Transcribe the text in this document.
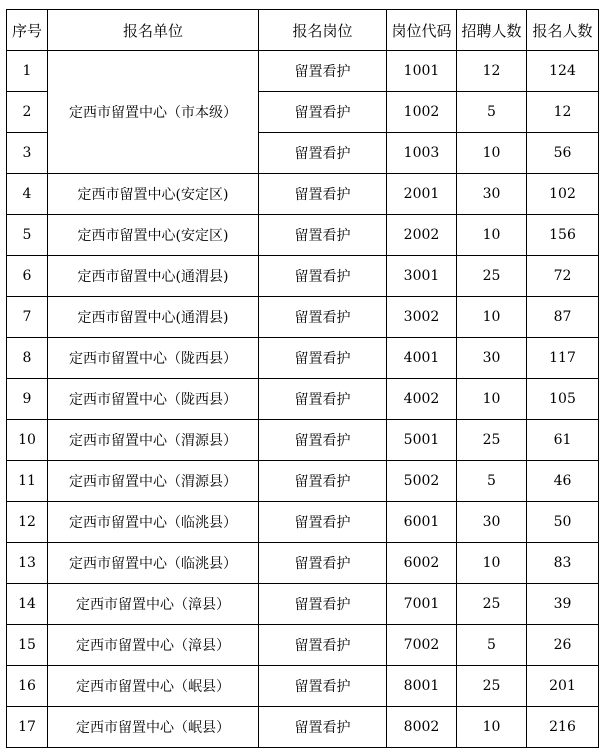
序号	报名单位	报名岗位	岗位代码	招聘人数	报名人数
1	定西市留置中心（市本级）	留置看护	1001	12	124
2		留置看护	1002	5	12
3		留置看护	1003	10	56
4	定西市留置中心(安定区)	留置看护	2001	30	102
5	定西市留置中心(安定区)	留置看护	2002	10	156
6	定西市留置中心(通渭县)	留置看护	3001	25	72
7	定西市留置中心(通渭县)	留置看护	3002	10	87
8	定西市留置中心（陇西县）	留置看护	4001	30	117
9	定西市留置中心（陇西县）	留置看护	4002	10	105
10	定西市留置中心（渭源县）	留置看护	5001	25	61
11	定西市留置中心（渭源县）	留置看护	5002	5	46
12	定西市留置中心（临洮县）	留置看护	6001	30	50
13	定西市留置中心（临洮县）	留置看护	6002	10	83
14	定西市留置中心（漳县）	留置看护	7001	25	39
15	定西市留置中心（漳县）	留置看护	7002	5	26
16	定西市留置中心（岷县）	留置看护	8001	25	201
17	定西市留置中心（岷县）	留置看护	8002	10	216
